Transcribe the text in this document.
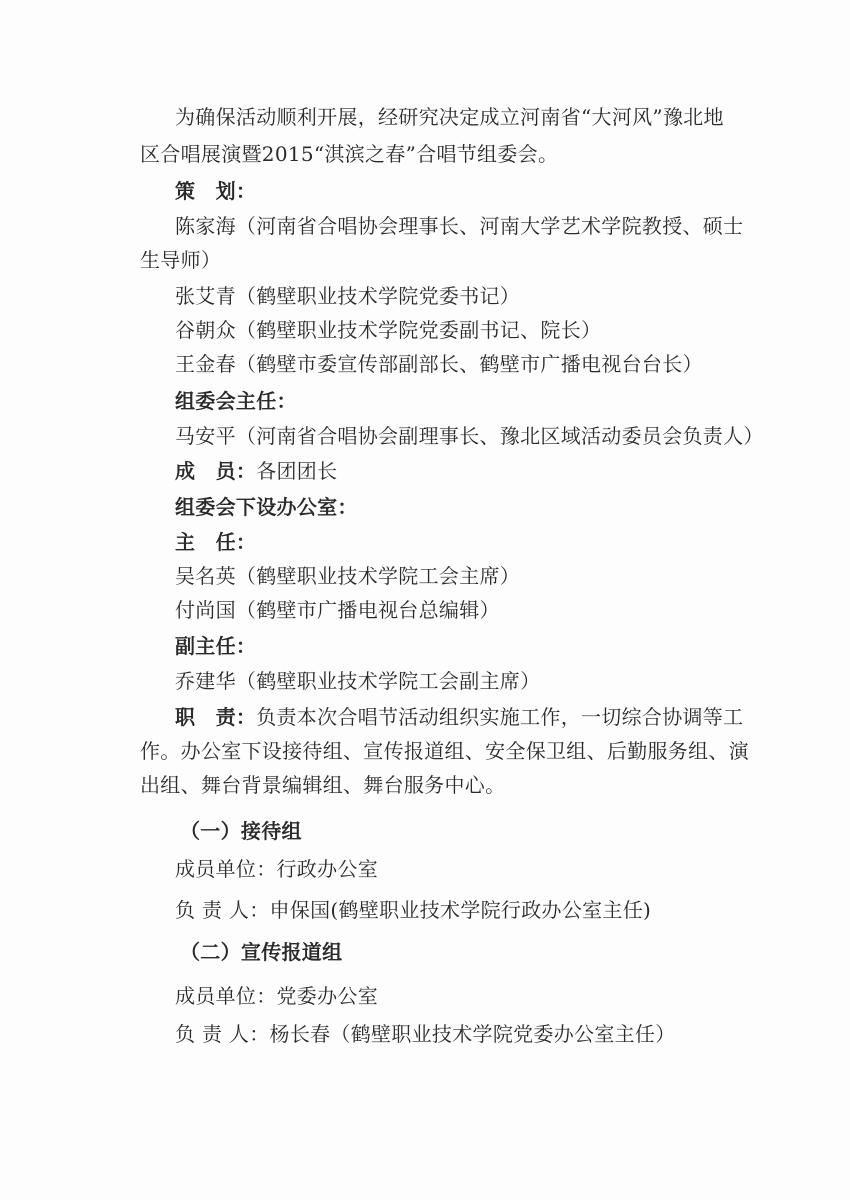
为确保活动顺利开展，经研究决定成立河南省“大河风”豫北地
区合唱展演暨2015“淇滨之春”合唱节组委会。
策　划：
陈家海（河南省合唱协会理事长、河南大学艺术学院教授、硕士
生导师）
张艾青（鹤壁职业技术学院党委书记）
谷朝众（鹤壁职业技术学院党委副书记、院长）
王金春（鹤壁市委宣传部副部长、鹤壁市广播电视台台长）
组委会主任：
马安平（河南省合唱协会副理事长、豫北区域活动委员会负责人）
成　员：各团团长
组委会下设办公室：
主　任：
吴名英（鹤壁职业技术学院工会主席）
付尚国（鹤壁市广播电视台总编辑）
副主任：
乔建华（鹤壁职业技术学院工会副主席）
职　责：负责本次合唱节活动组织实施工作，一切综合协调等工
作。办公室下设接待组、宣传报道组、安全保卫组、后勤服务组、演
出组、舞台背景编辑组、舞台服务中心。
（一）接待组
成员单位：行政办公室
负 责 人：申保国(鹤壁职业技术学院行政办公室主任)
（二）宣传报道组
成员单位：党委办公室
负 责 人：杨长春（鹤壁职业技术学院党委办公室主任）
